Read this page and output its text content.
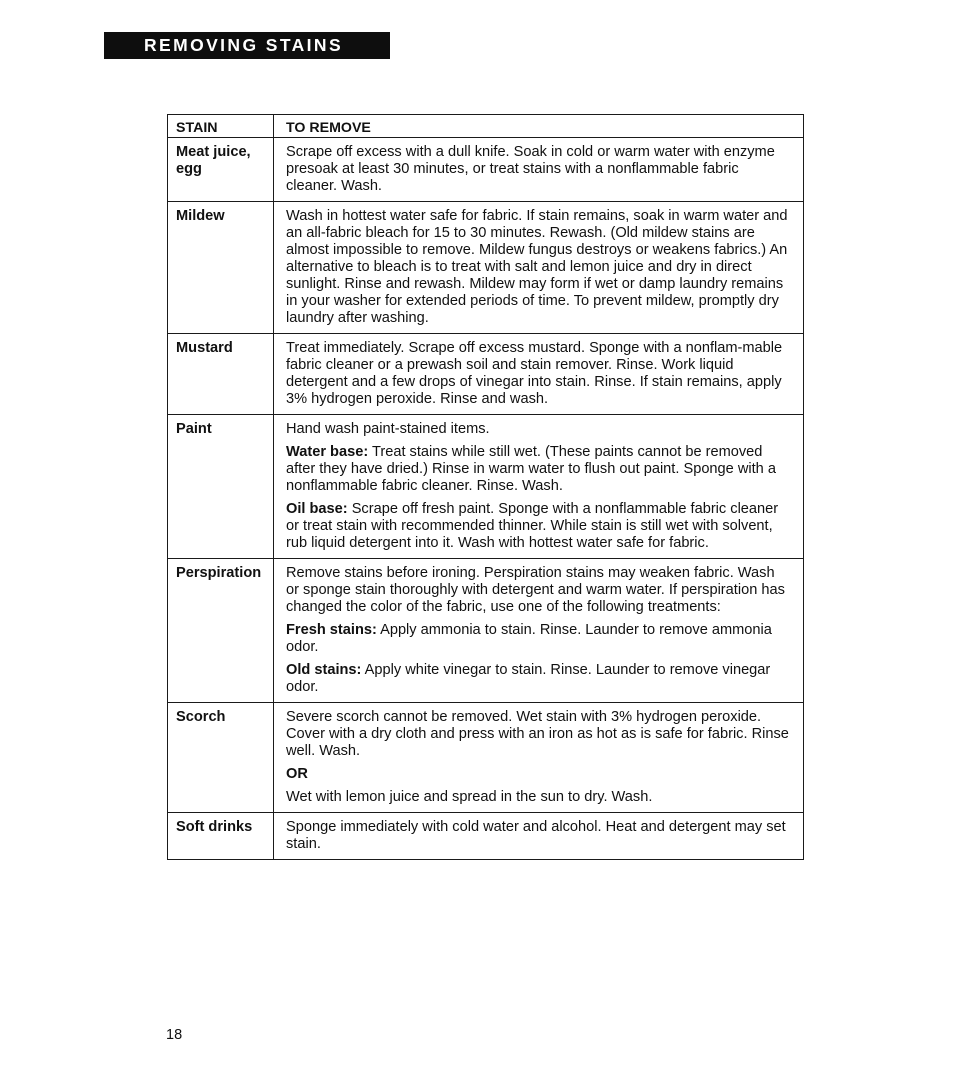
REMOVING STAINS
STAIN	TO REMOVE
Meat juice, egg	Scrape off excess with a dull knife. Soak in cold or warm water with enzyme presoak at least 30 minutes, or treat stains with a nonflammable fabric cleaner. Wash.

Mildew	Wash in hottest water safe for fabric. If stain remains, soak in warm water and an all-fabric bleach for 15 to 30 minutes. Rewash. (Old mildew stains are almost impossible to remove. Mildew fungus destroys or weakens fabrics.) An alternative to bleach is to treat with salt and lemon juice and dry in direct sunlight. Rinse and rewash. Mildew may form if wet or damp laundry remains in your washer for extended periods of time. To prevent mildew, promptly dry laundry after washing.

Mustard	Treat immediately. Scrape off excess mustard. Sponge with a nonflam-mable fabric cleaner or a prewash soil and stain remover. Rinse. Work liquid detergent and a few drops of vinegar into stain. Rinse. If stain remains, apply 3% hydrogen peroxide. Rinse and wash.

Paint	Hand wash paint-stained items.

Water base: Treat stains while still wet. (These paints cannot be removed after they have dried.) Rinse in warm water to flush out paint. Sponge with a nonflammable fabric cleaner. Rinse. Wash.

Oil base: Scrape off fresh paint. Sponge with a nonflammable fabric cleaner or treat stain with recommended thinner. While stain is still wet with solvent, rub liquid detergent into it. Wash with hottest water safe for fabric.

Perspiration	Remove stains before ironing. Perspiration stains may weaken fabric. Wash or sponge stain thoroughly with detergent and warm water. If perspiration has changed the color of the fabric, use one of the following treatments:

Fresh stains: Apply ammonia to stain. Rinse. Launder to remove ammonia odor.

Old stains: Apply white vinegar to stain. Rinse. Launder to remove vinegar odor.

Scorch	Severe scorch cannot be removed. Wet stain with 3% hydrogen peroxide. Cover with a dry cloth and press with an iron as hot as is safe for fabric. Rinse well. Wash.

OR

Wet with lemon juice and spread in the sun to dry. Wash.

Soft drinks	Sponge immediately with cold water and alcohol. Heat and detergent may set stain.

18
